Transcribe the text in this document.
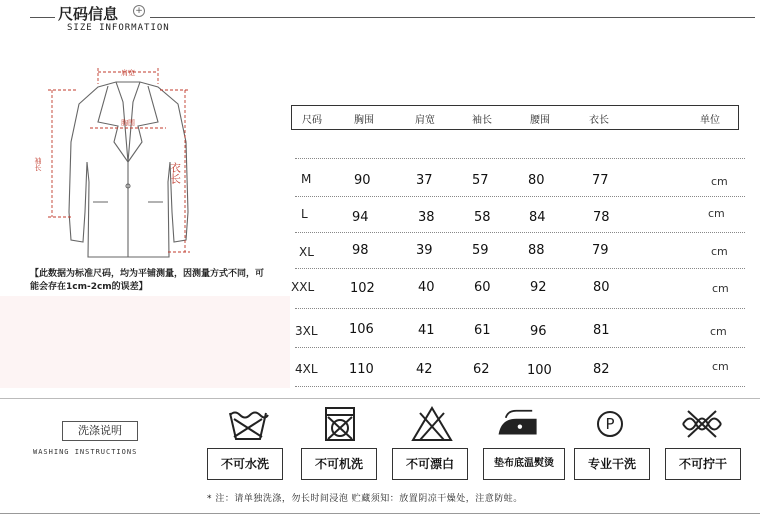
尺码信息 +
SIZE INFORMATION
肩宽
胸围
袖长	衣长
【此数据为标准尺码，均为平铺测量，因测量方式不同，可能会存在1cm-2cm的误差】
尺码	胸围	肩宽	袖长	腰围	衣长	单位
M	90	37	57	80	77	cm
L	94	38	58	84	78	cm
XL	98	39	59	88	79	cm
XXL	102	40	60	92	80	cm
3XL 106	41	61	96	81	cm
4XL 110	42	62	100	82	cm
洗涤说明
WASHING INSTRUCTIONS
P
不可水洗	不可机洗	不可漂白	垫布底温熨烫	专业干洗	不可拧干
* 注：请单独洗涤，勿长时间浸泡 贮藏须知：放置阴凉干燥处，注意防蛀。
